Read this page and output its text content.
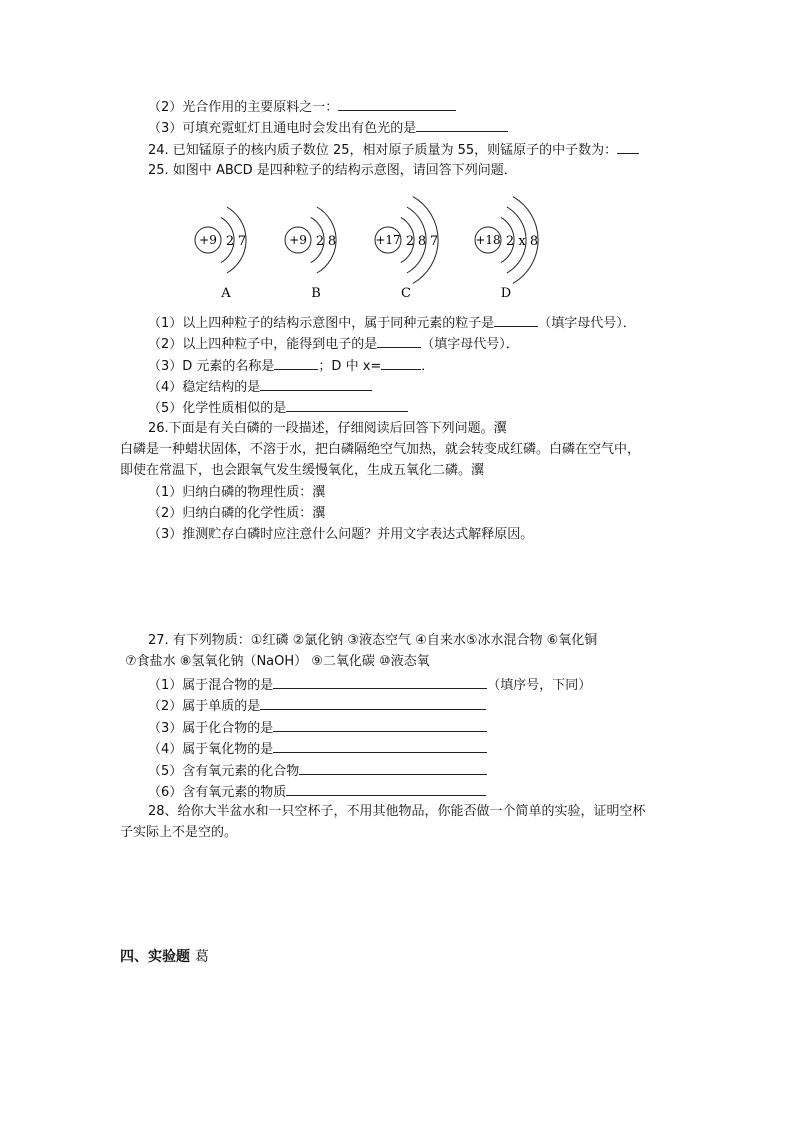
（2）光合作用的主要原料之一：
（3）可填充霓虹灯且通电时会发出有色光的是
24. 已知锰原子的核内质子数位 25，相对原子质量为 55，则锰原子的中子数为：
25. 如图中 ABCD 是四种粒子的结构示意图，请回答下列问题．
+9 2 7
A
+9 2 8
B
+17 2 8 7
C
+18 2 x 8
D
（1）以上四种粒子的结构示意图中，属于同种元素的粒子是	（填字母代号）．
（2）以上四种粒子中，能得到电子的是	（填字母代号）．
（3）D 元素的名称是	；D 中 x=	．
（4）稳定结构的是
（5）化学性质相似的是
26.下面是有关白磷的一段描述，仔细阅读后回答下列问题。瀷
白磷是一种蜡状固体，不溶于水，把白磷隔绝空气加热，就会转变成红磷。白磷在空气中，
即使在常温下，也会跟氧气发生缓慢氧化，生成五氧化二磷。瀷
（1）归纳白磷的物理性质：瀷
（2）归纳白磷的化学性质：瀷
（3）推测贮存白磷时应注意什么问题？并用文字表达式解释原因。
27. 有下列物质：①红磷 ②氯化钠 ③液态空气 ④自来水⑤冰水混合物 ⑥氧化铜
⑦食盐水 ⑧氢氧化钠（NaOH） ⑨二氧化碳 ⑩液态氧
（1）属于混合物的是	（填序号，下同）
（2）属于单质的是
（3）属于化合物的是
（4）属于氧化物的是
（5）含有氧元素的化合物
（6）含有氧元素的物质
28、给你大半盆水和一只空杯子，不用其他物品，你能否做一个简单的实验，证明空杯
子实际上不是空的。
四、实验题 葛
